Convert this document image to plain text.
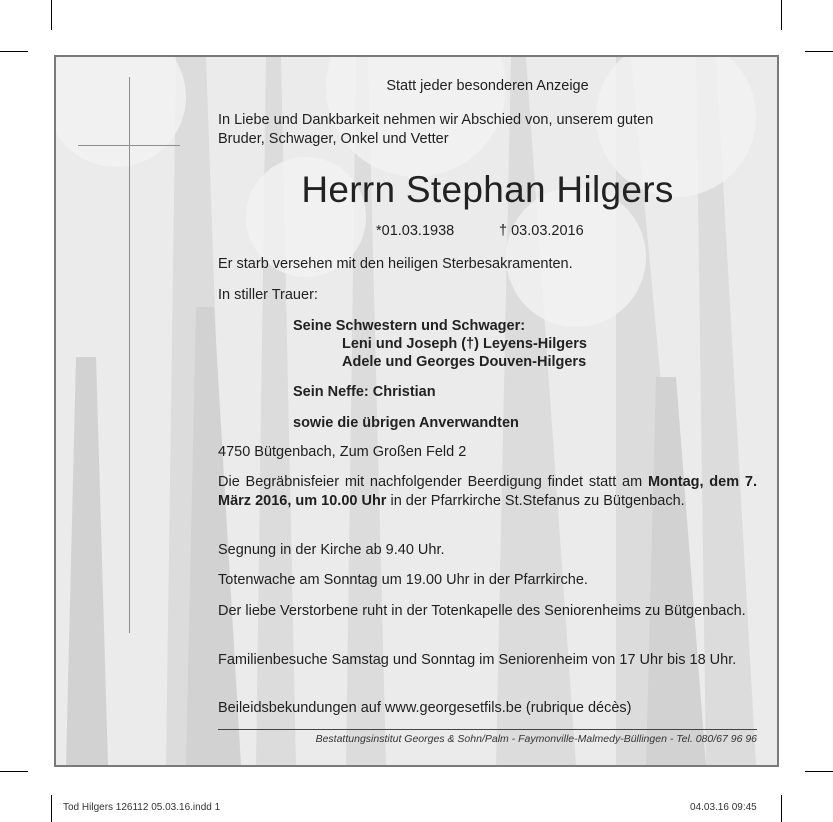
Statt jeder besonderen Anzeige
In Liebe und Dankbarkeit nehmen wir Abschied von, unserem guten
Bruder, Schwager, Onkel und Vetter
Herrn Stephan Hilgers
*01.03.1938	† 03.03.2016
Er starb versehen mit den heiligen Sterbesakramenten.
In stiller Trauer:
Seine Schwestern und Schwager:
Leni und Joseph (†) Leyens-Hilgers
Adele und Georges Douven-Hilgers
Sein Neffe: Christian
sowie die übrigen Anverwandten
4750 Bütgenbach, Zum Großen Feld 2
Die Begräbnisfeier mit nachfolgender Beerdigung findet statt am Montag, dem 7. März 2016, um 10.00 Uhr in der Pfarrkirche St.Stefanus zu Bütgenbach.
Segnung in der Kirche ab 9.40 Uhr.
Totenwache am Sonntag um 19.00 Uhr in der Pfarrkirche.
Der liebe Verstorbene ruht in der Totenkapelle des Seniorenheims zu Bütgenbach.
Familienbesuche Samstag und Sonntag im Seniorenheim von 17 Uhr bis 18 Uhr.
Beileidsbekundungen auf www.georgesetfils.be (rubrique décès)
Bestattungsinstitut Georges & Sohn/Palm - Faymonville-Malmedy-Büllingen - Tel. 080/67 96 96
Tod Hilgers 126112 05.03.16.indd 1	04.03.16 09:45
